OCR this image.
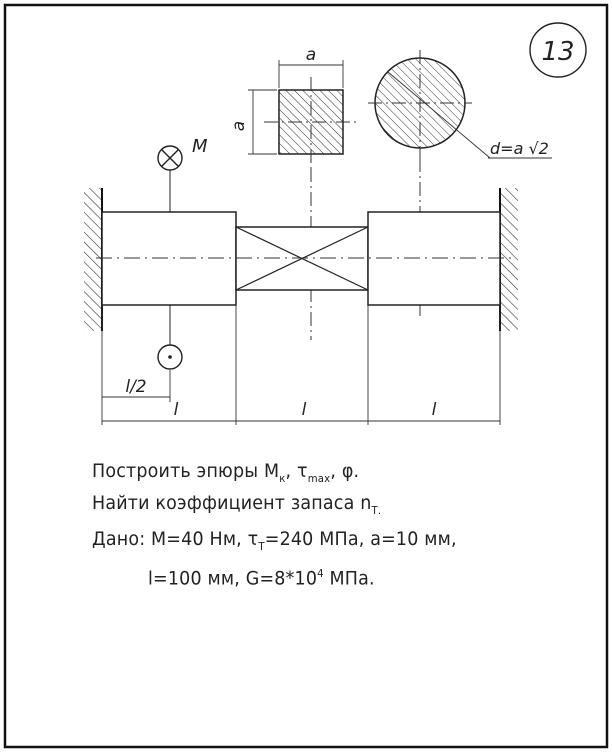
13
a
a
d=a √2
M
l/2
l	l	l
Построить эпюры $M_к$, $\tau_{max}$, φ.
Найти коэффициент запаса $n_{Т.}$
Дано: M=40 Нм, $\tau_Т=240$ МПа, а=10 мм,
l=100 мм, $G=8*10^4$ МПа.
